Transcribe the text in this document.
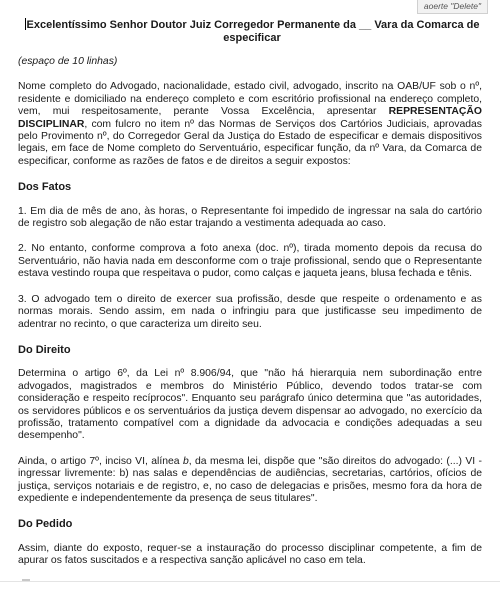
aoerte "Delete"
Excelentíssimo Senhor Doutor Juiz Corregedor Permanente da __ Vara da Comarca de especificar
(espaço de 10 linhas)
Nome completo do Advogado, nacionalidade, estado civil, advogado, inscrito na OAB/UF sob o nº, residente e domiciliado na endereço completo e com escritório profissional na endereço completo, vem, mui respeitosamente, perante Vossa Excelência, apresentar REPRESENTAÇÃO DISCIPLINAR, com fulcro no item nº das Normas de Serviços dos Cartórios Judiciais, aprovadas pelo Provimento nº, do Corregedor Geral da Justiça do Estado de especificar e demais dispositivos legais, em face de Nome completo do Serventuário, especificar função, da nº Vara, da Comarca de especificar, conforme as razões de fatos e de direitos a seguir expostos:
Dos Fatos
1. Em dia de mês de ano, às horas, o Representante foi impedido de ingressar na sala do cartório de registro sob alegação de não estar trajando a vestimenta adequada ao caso.
2. No entanto, conforme comprova a foto anexa (doc. nº), tirada momento depois da recusa do Serventuário, não havia nada em desconforme com o traje profissional, sendo que o Representante estava vestindo roupa que respeitava o pudor, como calças e jaqueta jeans, blusa fechada e tênis.
3. O advogado tem o direito de exercer sua profissão, desde que respeite o ordenamento e as normas morais. Sendo assim, em nada o infringiu para que justificasse seu impedimento de adentrar no recinto, o que caracteriza um direito seu.
Do Direito
Determina o artigo 6º, da Lei nº 8.906/94, que "não há hierarquia nem subordinação entre advogados, magistrados e membros do Ministério Público, devendo todos tratar-se com consideração e respeito recíprocos". Enquanto seu parágrafo único determina que "as autoridades, os servidores públicos e os serventuários da justiça devem dispensar ao advogado, no exercício da profissão, tratamento compatível com a dignidade da advocacia e condições adequadas a seu desempenho".
Ainda, o artigo 7º, inciso VI, alínea b, da mesma lei, dispõe que "são direitos do advogado: (...) VI - ingressar livremente: b) nas salas e dependências de audiências, secretarias, cartórios, ofícios de justiça, serviços notariais e de registro, e, no caso de delegacias e prisões, mesmo fora da hora de expediente e independentemente da presença de seus titulares".
Do Pedido
Assim, diante do exposto, requer-se a instauração do processo disciplinar competente, a fim de apurar os fatos suscitados e a respectiva sanção aplicável no caso em tela.
